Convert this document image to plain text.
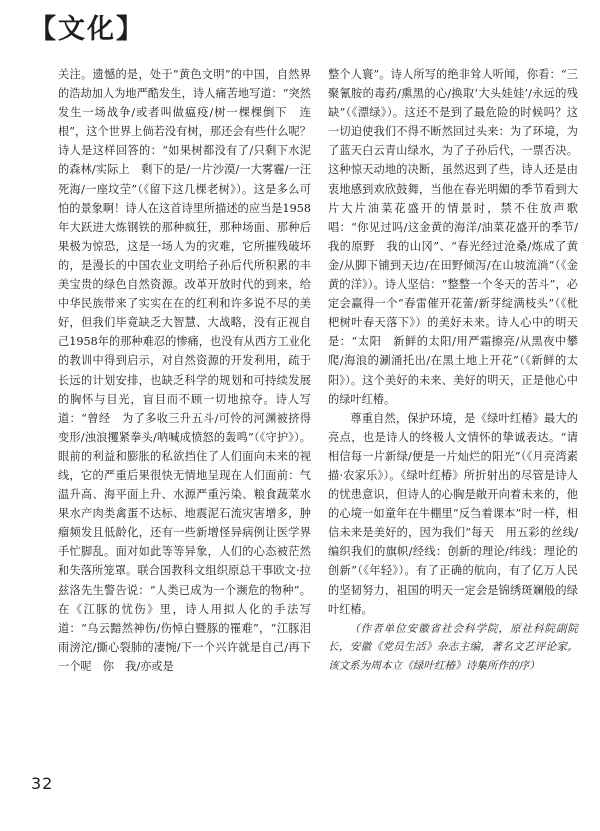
【文化】

关注。遗憾的是，处于“黄色文明”的中国，自然界的浩劫加人为地严酷发生，诗人痛苦地写道：“突然　发生一场战争/或者叫做瘟疫/树一棵棵倒下　连根”，这个世界上倘若没有树，那还会有些什么呢？诗人是这样回答的：“如果树都没有了/只剩下水泥的森林/实际上　剩下的是/一片沙漠/一大雾霾/一汪死海/一座坟茔”（《留下这几棵老树》）。这是多么可怕的景象啊！诗人在这首诗里所描述的应当是1958年大跃进大炼钢铁的那种疯狂，那种场面、那种后果极为惊恐，这是一场人为的灾难，它所摧残破坏的，是漫长的中国农业文明给子孙后代所积累的丰美宝贵的绿色自然资源。改革开放时代的到来，给中华民族带来了实实在在的红利和许多说不尽的美好，但我们毕竟缺乏大智慧、大战略，没有正视自己1958年的那种难忍的惨痛，也没有从西方工业化的教训中得到启示，对自然资源的开发利用，疏于长远的计划安排，也缺乏科学的规划和可持续发展的胸怀与目光，盲目而不顾一切地掠夺。诗人写道：“曾经　为了多收三升五斗/可怜的河渊被挤得变形/浊浪攫紧拳头/呐喊成愤怒的轰鸣”（《守护》）。眼前的利益和膨胀的私欲挡住了人们面向未来的视线，它的严重后果很快无情地呈现在人们面前：气温升高、海平面上升、水源严重污染、粮食蔬菜水果水产肉类禽蛋不达标、地震泥石流灾害增多，肿瘤频发且低龄化，还有一些新增怪异病例让医学界手忙脚乱。面对如此等等异象，人们的心态被茫然和失落所笼罩。联合国教科文组织原总干事欧文·拉兹洛先生警告说：“人类已成为一个濒危的物种”。在《江豚的忧伤》里，诗人用拟人化的手法写道：“乌云黯然神伤/伤悼白暨豚的罹难”，“江豚泪雨滂沱/撕心裂肺的凄惋/下一个兴许就是自己/再下一个呢　你　我/亦或是

整个人寰”。诗人所写的绝非耸人听闻，你看：“三聚氰胺的毒药/熏黑的心/换取‘大头娃娃’/永远的残缺”（《漂绿》）。这还不是到了最危险的时候吗？这一切迫使我们不得不断然回过头来：为了环境，为了蓝天白云青山绿水，为了子孙后代，一票否决。这种惊天动地的决断，虽然迟到了些，诗人还是由衷地感到欢欣鼓舞，当他在春光明媚的季节看到大片大片油菜花盛开的情景时，禁不住放声歌唱：“你见过吗/这金黄的海洋/油菜花盛开的季节/我的原野　我的山冈”、“春光经过沧桑/炼成了黄金/从脚下铺到天边/在田野倾泻/在山坡流淌”（《金黄的洋》）。诗人坚信：“整整一个冬天的苦斗”，必定会赢得一个“春雷催开花蕾/新芽绽满枝头”（《枇杷树叶春天落下》）的美好未来。诗人心中的明天是：“太阳　新鲜的太阳/用严霜擦亮/从黑夜中攀爬/海浪的涮涌托出/在黑土地上开花”（《新鲜的太阳》）。这个美好的未来、美好的明天，正是他心中的绿叶红椿。

尊重自然，保护环境，是《绿叶红椿》最大的亮点，也是诗人的终极人文情怀的挚诚表达。“请相信每一片新绿/便是一片灿烂的阳光”（《月亮湾素描·农家乐》）。《绿叶红椿》所折射出的尽管是诗人的忧患意识，但诗人的心胸是敞开向着未来的，他的心境一如童年在牛棚里“反刍着课本”时一样，相信未来是美好的，因为我们“每天　用五彩的丝线/编织我们的旗帜/经线：创新的理论/纬线：理论的创新”（《年轻》）。有了正确的航向，有了亿万人民的坚韧努力，祖国的明天一定会是锦绣斑斓般的绿叶红椿。

（作者单位安徽省社会科学院，原社科院副院长，安徽《党员生活》杂志主编，著名文艺评论家。该文系为周本立《绿叶红椿》诗集所作的序）

32
